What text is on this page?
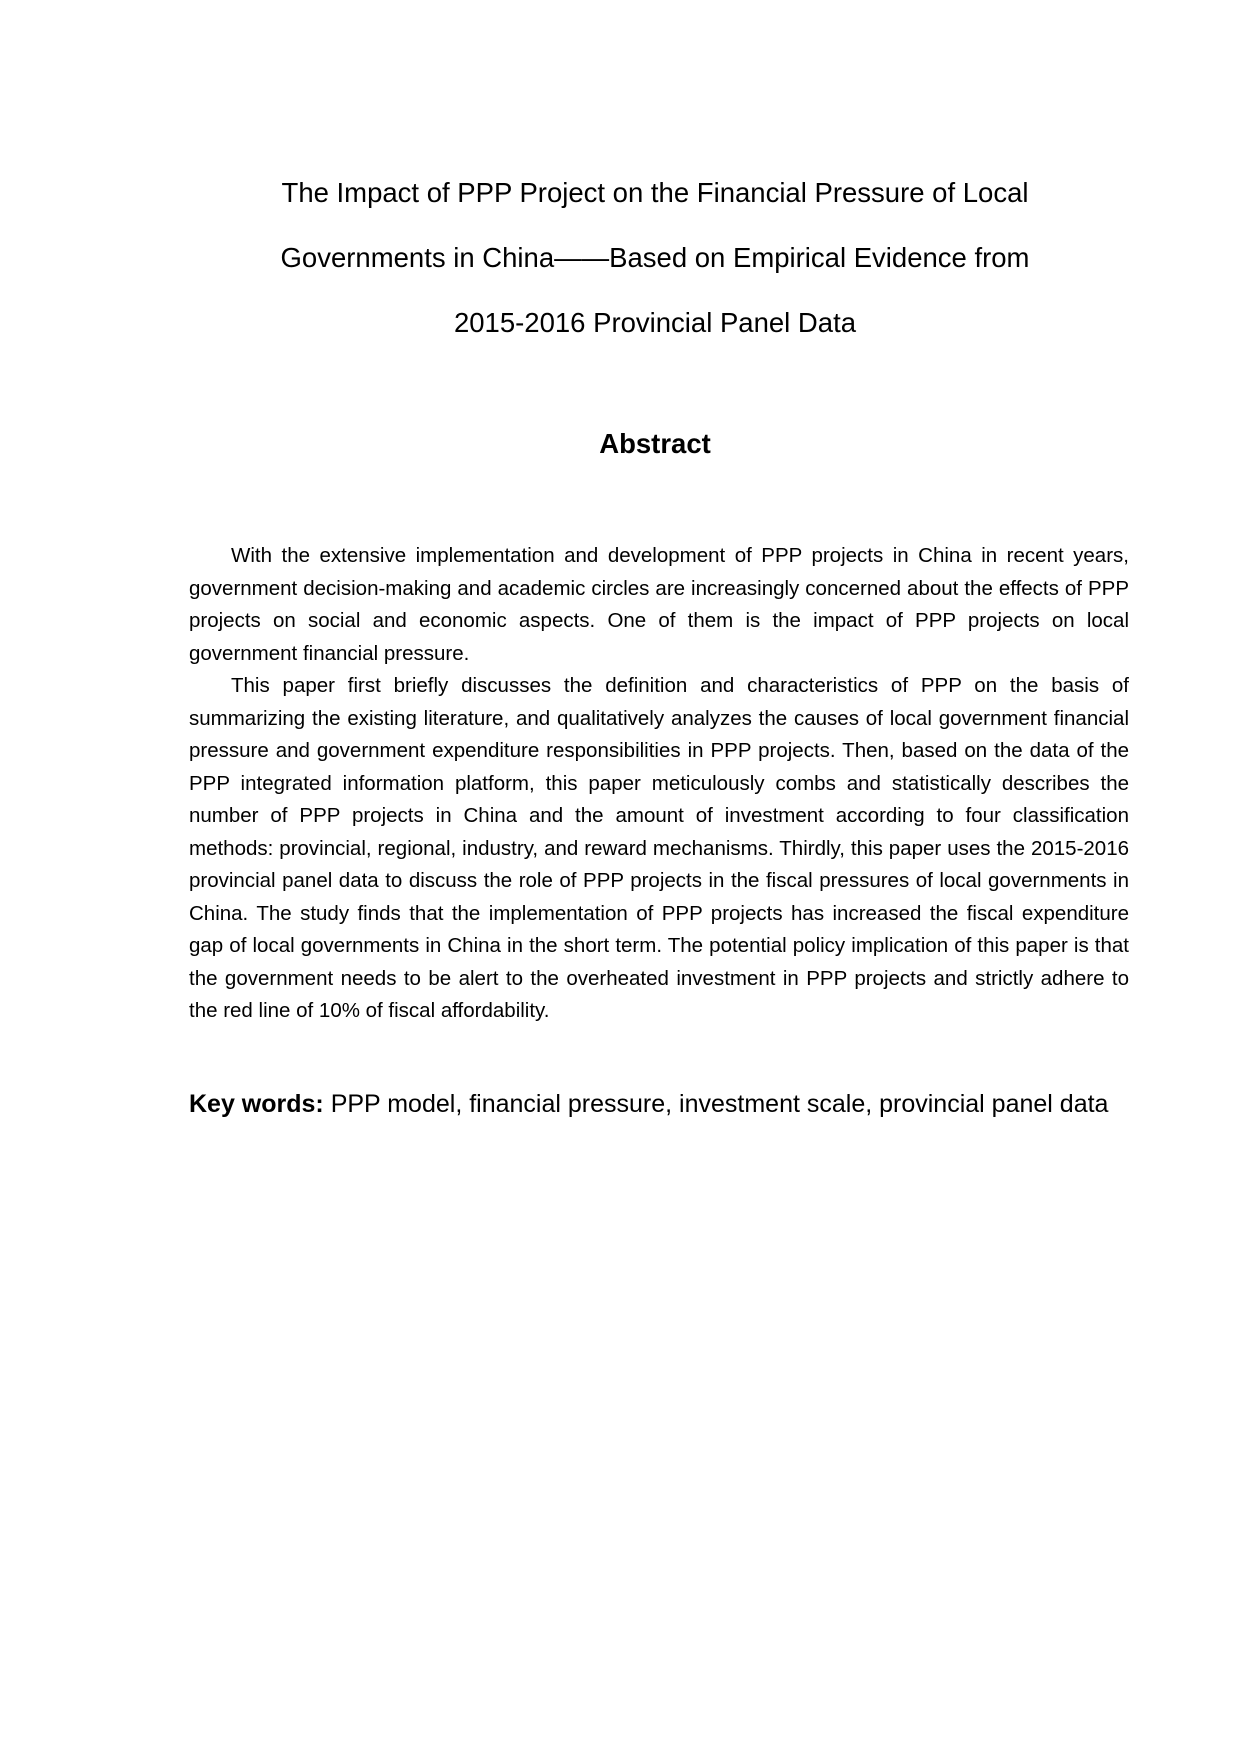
The Impact of PPP Project on the Financial Pressure of Local
Governments in China——Based on Empirical Evidence from
2015-2016 Provincial Panel Data
Abstract

With the extensive implementation and development of PPP projects in China in recent years, government decision-making and academic circles are increasingly concerned about the effects of PPP projects on social and economic aspects. One of them is the impact of PPP projects on local government financial pressure.

This paper first briefly discusses the definition and characteristics of PPP on the basis of summarizing the existing literature, and qualitatively analyzes the causes of local government financial pressure and government expenditure responsibilities in PPP projects. Then, based on the data of the PPP integrated information platform, this paper meticulously combs and statistically describes the number of PPP projects in China and the amount of investment according to four classification methods: provincial, regional, industry, and reward mechanisms. Thirdly, this paper uses the 2015-2016 provincial panel data to discuss the role of PPP projects in the fiscal pressures of local governments in China. The study finds that the implementation of PPP projects has increased the fiscal expenditure gap of local governments in China in the short term. The potential policy implication of this paper is that the government needs to be alert to the overheated investment in PPP projects and strictly adhere to the red line of 10% of fiscal affordability.

Key words: PPP model, financial pressure, investment scale, provincial panel data
